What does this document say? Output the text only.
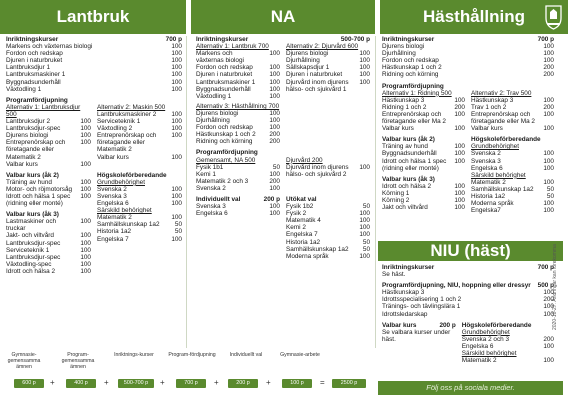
Lantbruk	NA	Hästhållning
Inriktningskurser	700 p
Markens och växternas biologi	100
Fordon och redskap	100
Djuren i naturbruket	100
Lantbruksdjur 1	100
Lantbruksmaskiner 1	100
Byggnadsunderhåll	100
Växtodling 1	100
Programfördjupning
Alternativ 1: Lantbruksdjur 500
Lantbruksdjur 2	100
Lantbruksdjur-spec	100
Djurens biologi	100
Entreprenörskap och företagande eller Matematik 2
100
Valbar kurs	100
Alternativ 2: Maskin 500
Lantbruksmaskiner 2	100
Serviceteknik 1	100
Växtodling 2	100
Entreprenörskap och företagande eller Matematik 2
100
Valbar kurs	100
Valbar kurs (åk 2)
Träning av hund	100
Motor- och röjmotorsåg	100
Idrott och hälsa 1 spec (ridning eller monté)
100
Valbar kurs (åk 3)
Lastmaskiner och truckar
100
Jakt- och viltvård	100
Lantbruksdjur-spec	100
Serviceteknik 1	100
Lantbruksdjur-spec	100
Växtodling-spec	100
Idrott och hälsa 2	100
Högskoleförberedande
Grundbehörighet
Svenska 2	100
Svenska 3	100
Engelska 6	100
Särskild behörighet
Matematik 2	100
Samhällskunskap 1a2	50
Historia 1a2	50
Engelska 7	100
Inriktningskurser	500-700 p
Alternativ 1: Lantbruk 700
Markens och växternas biologi
100
Fordon och redskap	100
Djuren i naturbruket	100
Lantbruksmaskiner 1	100
Byggnadsunderhåll	100
Växtodling 1	100
Alternativ 3: Hästhållning 700
Djurens biologi	100
Djurhållning	100
Fordon och redskap	100
Hästkunskap 1 och 2	200
Ridning och körning	200
Alternativ 2: Djurvård 600
Djurens biologi	100
Djurhållning	100
Sällskapsdjur 1	100
Djuren i naturbruket	100
Djurvård inom djurens hälso- och sjukvård 1
100
Programfördjupning
Gemensamt, NA 500
Fysik 1b1	50
Kemi 1	100
Matematik 2 och 3	200
Svenska 2	100
Djurvård 200
Djurvård inom djurens hälso- och sjukvård 2
100
Individuellt val	200 p
Svenska 3	100
Engelska 6	100
Utökat val
Fysik 1b2	50
Fysik 2	100
Matematik 4	100
Kemi 2	100
Engelska 7	100
Historia 1a2	50
Samhällskunskap 1a2	50
Moderna språk	100
Inriktningskurser	700 p
Djurens biologi	100
Djurhållning	100
Fordon och redskap	100
Hästkunskap 1 och 2	200
Ridning och körning	200
Programfördjupning
Alternativ 1: Ridning 500
Hästkunskap 3	100
Ridning 1 och 2	200
Entreprenörskap och företagande eller Ma 2
100
Valbar kurs	100
Alternativ 2: Trav 500
Hästkunskap 3	100
Trav 1 och 2	200
Entreprenörskap och företagande eller Ma 2
100
Valbar kurs	100
Valbar kurs (åk 2)
Träning av hund	100
Byggnadsunderhåll	100
Idrott och hälsa 1 spec (ridning eller monté)
100
Valbar kurs (åk 3)
Idrott och hälsa 2	100
Körning 1	100
Körning 2	100
Jakt och viltvård	100
Högskoleförberedande
Grundbehörighet
Svenska 2	100
Svenska 3	100
Engelska 6	100
Särskild behörighet
Matematik 2	100
Samhällskunskap 1a2	50
Historia 1a2	50
Moderna språk	100
Engelska7	100
NIU (häst)
Inriktningskurser	700 p
Se häst.
Programfördjupning, NIU, hoppning eller dressyr 500 p
Hästkunskap 3	100
Idrottsspecialisering 1 och 2	200
Tränings- och tävlingslära 1	100
Idrottsledarskap	100
Valbar kurs	200 p
Se valbara kurser under häst.
Högskoleförberedande
Grundbehörighet
Svenska 2 och 3	200
Engelska 6	100
Särskild behörighet
Matematik 2	100
Följ oss på sociala medier.
2020-10-27. Ändringar kan förekomma
Gymnasie-gemensamma ämnen
Program-gemensamma ämnen
Inriktnings-kurser	Program-fördjupning	Individuellt val	Gymnasie-arbete
600 p	+	400 p	+	500-700 p	+	700 p	+	200 p	+	100 p	=	2500 p
